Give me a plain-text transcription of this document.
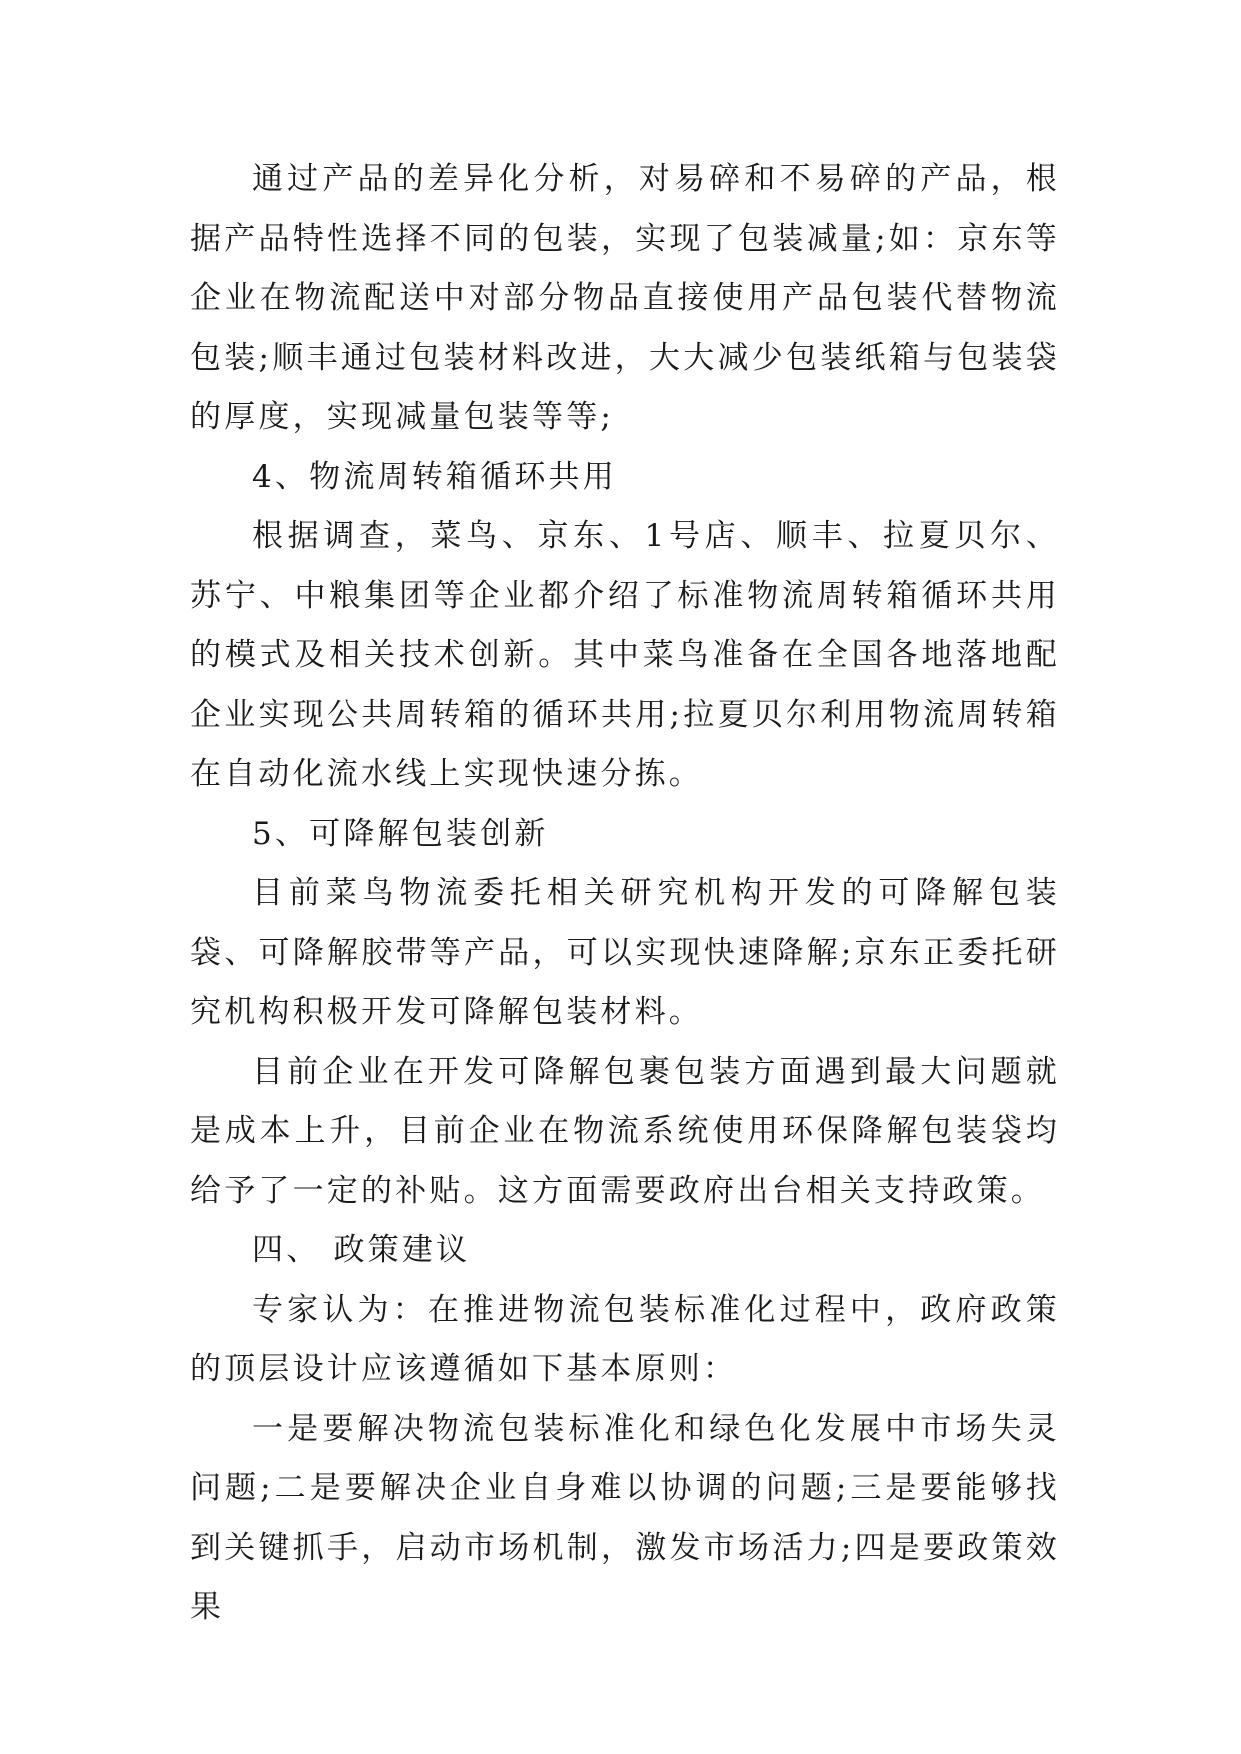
通过产品的差异化分析，对易碎和不易碎的产品，根据产品特性选择不同的包装，实现了包装减量;如：京东等企业在物流配送中对部分物品直接使用产品包装代替物流包装;顺丰通过包装材料改进，大大减少包装纸箱与包装袋的厚度，实现减量包装等等;

4、物流周转箱循环共用

根据调查，菜鸟、京东、1号店、顺丰、拉夏贝尔、苏宁、中粮集团等企业都介绍了标准物流周转箱循环共用的模式及相关技术创新。其中菜鸟准备在全国各地落地配企业实现公共周转箱的循环共用;拉夏贝尔利用物流周转箱在自动化流水线上实现快速分拣。

5、可降解包装创新

目前菜鸟物流委托相关研究机构开发的可降解包装袋、可降解胶带等产品，可以实现快速降解;京东正委托研究机构积极开发可降解包装材料。

目前企业在开发可降解包裹包装方面遇到最大问题就是成本上升，目前企业在物流系统使用环保降解包装袋均给予了一定的补贴。这方面需要政府出台相关支持政策。

四、 政策建议

专家认为：在推进物流包装标准化过程中，政府政策的顶层设计应该遵循如下基本原则：

一是要解决物流包装标准化和绿色化发展中市场失灵问题;二是要解决企业自身难以协调的问题;三是要能够找到关键抓手，启动市场机制，激发市场活力;四是要政策效果
